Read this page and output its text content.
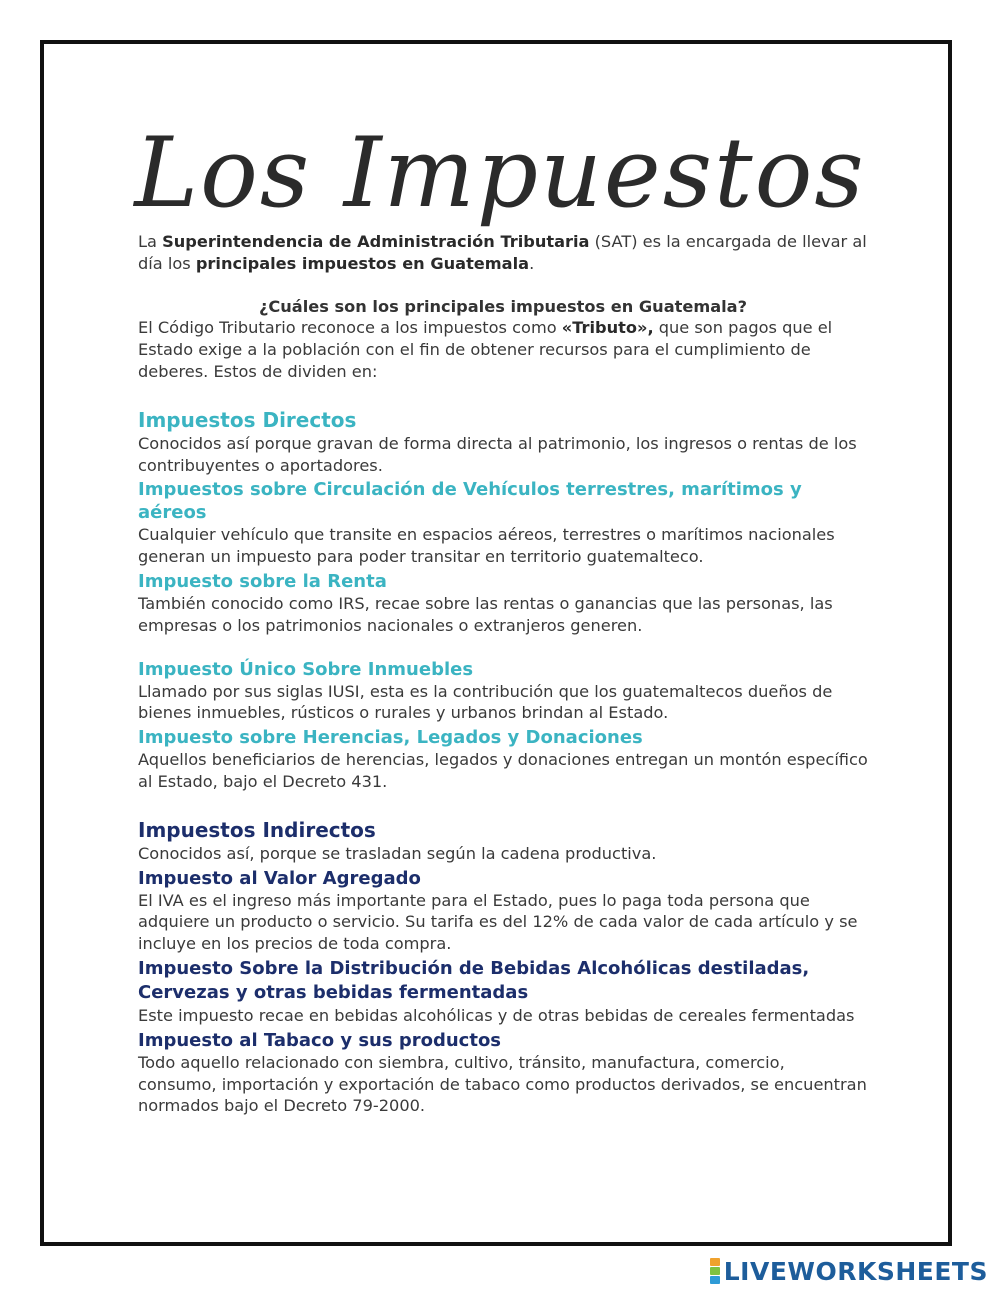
Los Impuestos

La Superintendencia de Administración Tributaria (SAT) es la encargada de llevar al día los principales impuestos en Guatemala.

¿Cuáles son los principales impuestos en Guatemala?

El Código Tributario reconoce a los impuestos como «Tributo», que son pagos que el Estado exige a la población con el fin de obtener recursos para el cumplimiento de deberes. Estos de dividen en:

Impuestos Directos

Conocidos así porque gravan de forma directa al patrimonio, los ingresos o rentas de los contribuyentes o aportadores.

Impuestos sobre Circulación de Vehículos terrestres, marítimos y aéreos

Cualquier vehículo que transite en espacios aéreos, terrestres o marítimos nacionales generan un impuesto para poder transitar en territorio guatemalteco.

Impuesto sobre la Renta

También conocido como IRS, recae sobre las rentas o ganancias que las personas, las empresas o los patrimonios nacionales o extranjeros generen.

Impuesto Único Sobre Inmuebles

Llamado por sus siglas IUSI, esta es la contribución que los guatemaltecos dueños de bienes inmuebles, rústicos o rurales y urbanos brindan al Estado.

Impuesto sobre Herencias, Legados y Donaciones

Aquellos beneficiarios de herencias, legados y donaciones entregan un montón específico al Estado, bajo el Decreto 431.

Impuestos Indirectos

Conocidos así, porque se trasladan según la cadena productiva.

Impuesto al Valor Agregado

El IVA es el ingreso más importante para el Estado, pues lo paga toda persona que adquiere un producto o servicio. Su tarifa es del 12% de cada valor de cada artículo y se incluye en los precios de toda compra.

Impuesto Sobre la Distribución de Bebidas Alcohólicas destiladas, Cervezas y otras bebidas fermentadas

Este impuesto recae en bebidas alcohólicas y de otras bebidas de cereales fermentadas

Impuesto al Tabaco y sus productos

Todo aquello relacionado con siembra, cultivo, tránsito, manufactura, comercio, consumo, importación y exportación de tabaco como productos derivados, se encuentran normados bajo el Decreto 79-2000.

LIVEWORKSHEETS
